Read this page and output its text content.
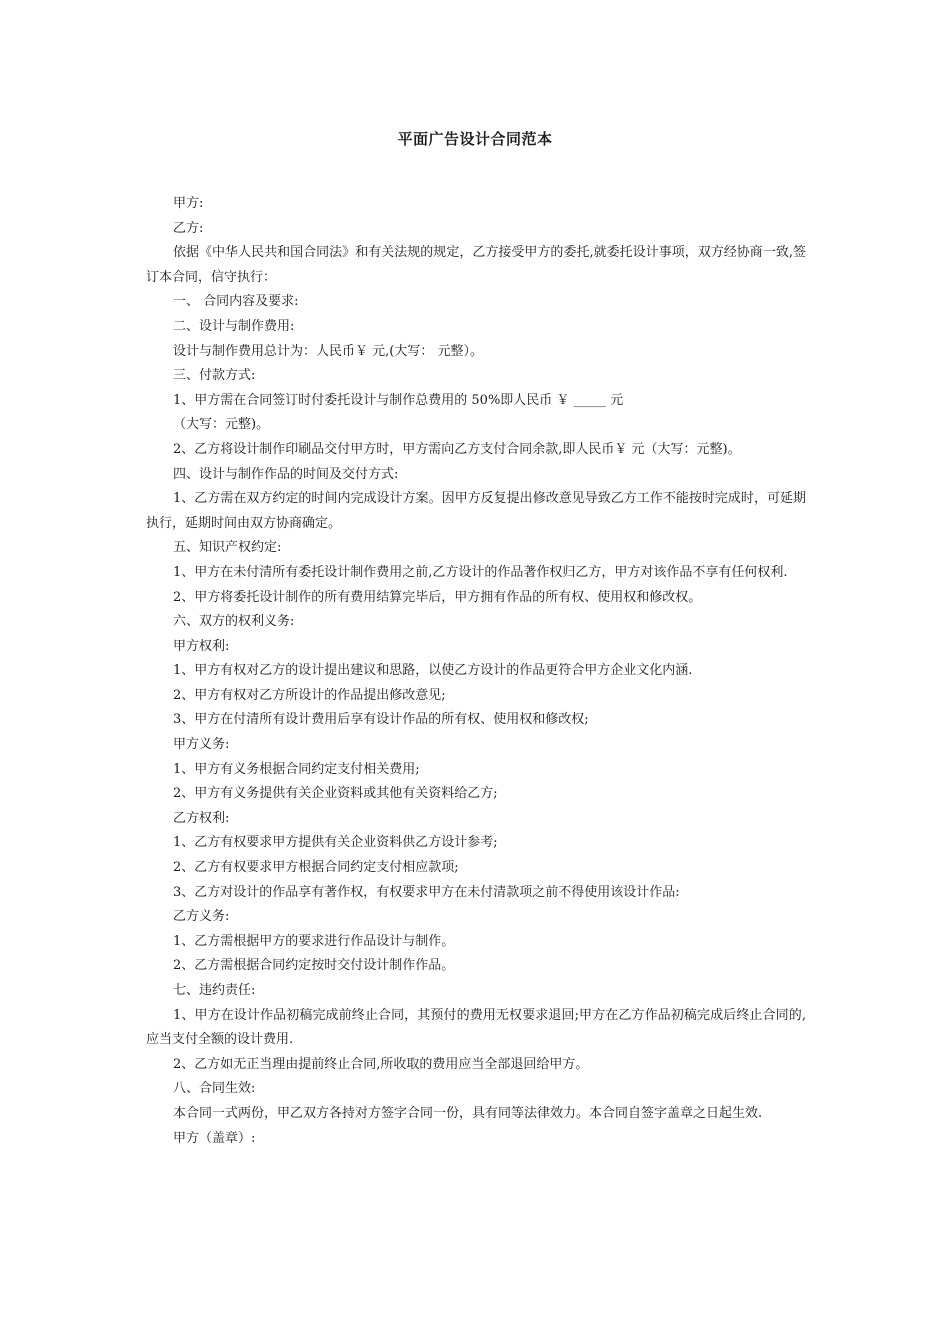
平面广告设计合同范本

甲方:

乙方:

依据《中华人民共和国合同法》和有关法规的规定，乙方接受甲方的委托,就委托设计事项，双方经协商一致,签订本合同，信守执行：

一、 合同内容及要求:

二、设计与制作费用:

设计与制作费用总计为：人民币￥ 元,(大写： 元整）。

三、付款方式:

1、甲方需在合同签订时付委托设计与制作总费用的 50%即人民币 ￥ _____ 元

（大写：元整)。

2、乙方将设计制作印刷品交付甲方时，甲方需向乙方支付合同余款,即人民币￥ 元（大写：元整)。

四、设计与制作作品的时间及交付方式:

1、乙方需在双方约定的时间内完成设计方案。因甲方反复提出修改意见导致乙方工作不能按时完成时，可延期执行，延期时间由双方协商确定。

五、知识产权约定:

1、甲方在未付清所有委托设计制作费用之前,乙方设计的作品著作权归乙方，甲方对该作品不享有任何权利.

2、甲方将委托设计制作的所有费用结算完毕后，甲方拥有作品的所有权、使用权和修改权。

六、双方的权利义务:

甲方权利:

1、甲方有权对乙方的设计提出建议和思路，以使乙方设计的作品更符合甲方企业文化内涵.

2、甲方有权对乙方所设计的作品提出修改意见;

3、甲方在付清所有设计费用后享有设计作品的所有权、使用权和修改权;

甲方义务:

1、甲方有义务根据合同约定支付相关费用;

2、甲方有义务提供有关企业资料或其他有关资料给乙方;

乙方权利:

1、乙方有权要求甲方提供有关企业资料供乙方设计参考;

2、乙方有权要求甲方根据合同约定支付相应款项;

3、乙方对设计的作品享有著作权，有权要求甲方在未付清款项之前不得使用该设计作品:

乙方义务:

1、乙方需根据甲方的要求进行作品设计与制作。

2、乙方需根据合同约定按时交付设计制作作品。

七、违约责任:

1、甲方在设计作品初稿完成前终止合同，其预付的费用无权要求退回;甲方在乙方作品初稿完成后终止合同的,应当支付全额的设计费用.

2、乙方如无正当理由提前终止合同,所收取的费用应当全部退回给甲方。

八、合同生效:

本合同一式两份，甲乙双方各持对方签字合同一份，具有同等法律效力。本合同自签字盖章之日起生效.

甲方（盖章）:
